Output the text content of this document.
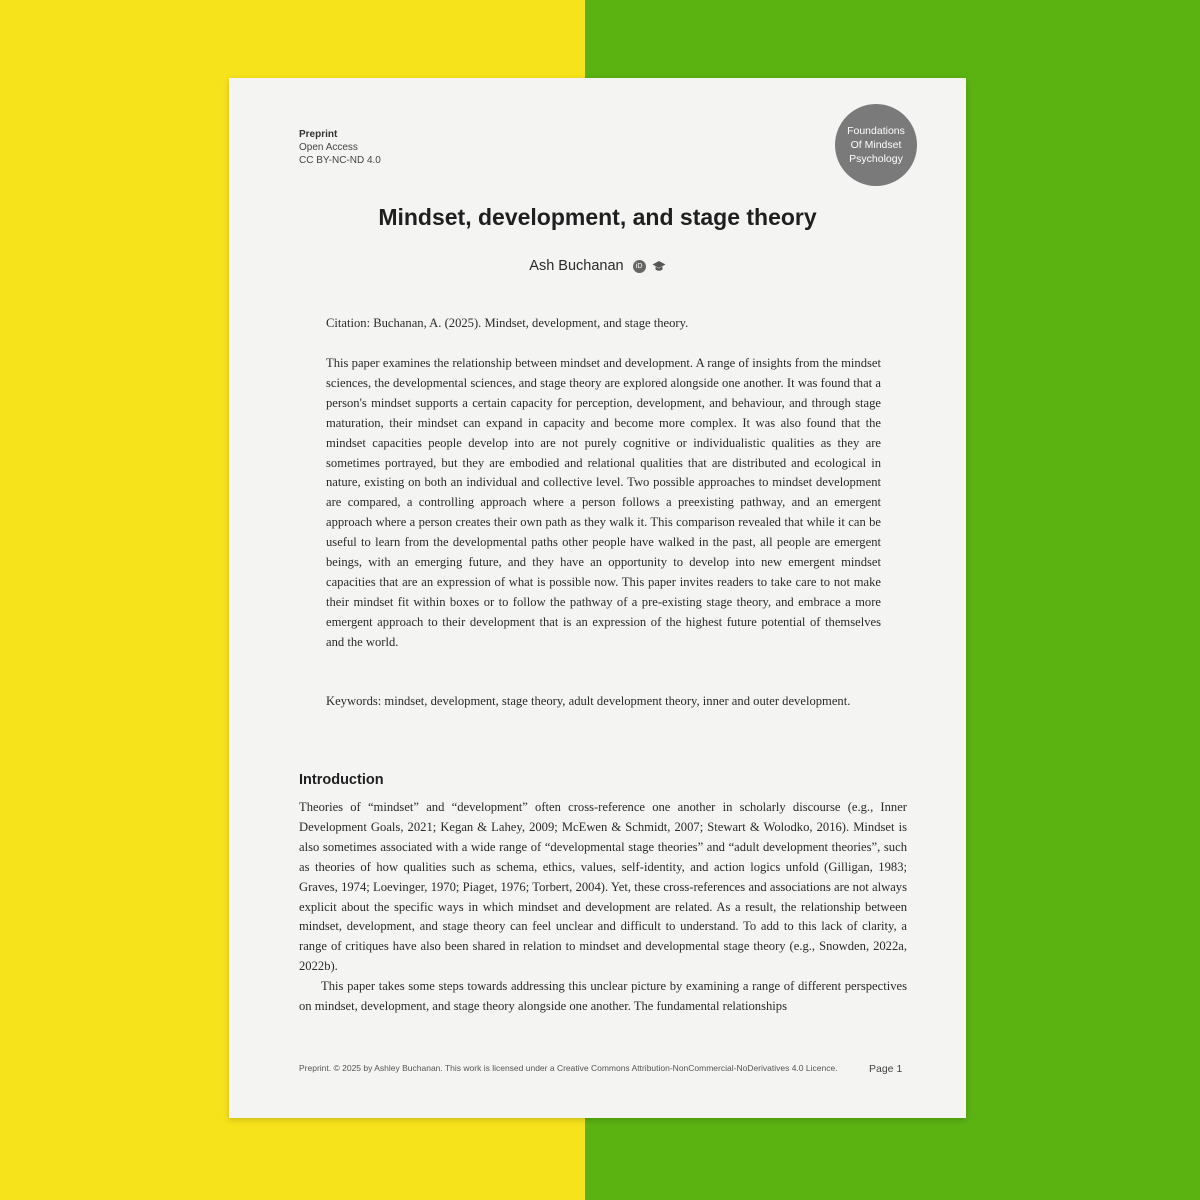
Preprint
Open Access
CC BY-NC-ND 4.0
Foundations
Of Mindset
Psychology
Mindset, development, and stage theory
Ash Buchanan iD
Citation: Buchanan, A. (2025). Mindset, development, and stage theory.
This paper examines the relationship between mindset and development. A range of insights from the mindset sciences, the developmental sciences, and stage theory are explored alongside one another. It was found that a person's mindset supports a certain capacity for perception, development, and behaviour, and through stage maturation, their mindset can expand in capacity and become more complex. It was also found that the mindset capacities people develop into are not purely cognitive or individualistic qualities as they are sometimes portrayed, but they are embodied and relational qualities that are distributed and ecological in nature, existing on both an individual and collective level. Two possible approaches to mindset development are compared, a controlling approach where a person follows a preexisting pathway, and an emergent approach where a person creates their own path as they walk it. This comparison revealed that while it can be useful to learn from the developmental paths other people have walked in the past, all people are emergent beings, with an emerging future, and they have an opportunity to develop into new emergent mindset capacities that are an expression of what is possible now. This paper invites readers to take care to not make their mindset fit within boxes or to follow the pathway of a pre-existing stage theory, and embrace a more emergent approach to their development that is an expression of the highest future potential of themselves and the world.
Keywords: mindset, development, stage theory, adult development theory, inner and outer development.
Introduction

Theories of “mindset” and “development” often cross-reference one another in scholarly discourse (e.g., Inner Development Goals, 2021; Kegan & Lahey, 2009; McEwen & Schmidt, 2007; Stewart & Wolodko, 2016). Mindset is also sometimes associated with a wide range of “developmental stage theories” and “adult development theories”, such as theories of how qualities such as schema, ethics, values, self-identity, and action logics unfold (Gilligan, 1983; Graves, 1974; Loevinger, 1970; Piaget, 1976; Torbert, 2004). Yet, these cross-references and associations are not always explicit about the specific ways in which mindset and development are related. As a result, the relationship between mindset, development, and stage theory can feel unclear and difficult to understand. To add to this lack of clarity, a range of critiques have also been shared in relation to mindset and developmental stage theory (e.g., Snowden, 2022a, 2022b).

This paper takes some steps towards addressing this unclear picture by examining a range of different perspectives on mindset, development, and stage theory alongside one another. The fundamental relationships

Preprint. © 2025 by Ashley Buchanan. This work is licensed under a Creative Commons Attribution-NonCommercial-NoDerivatives 4.0 Licence.	Page 1
